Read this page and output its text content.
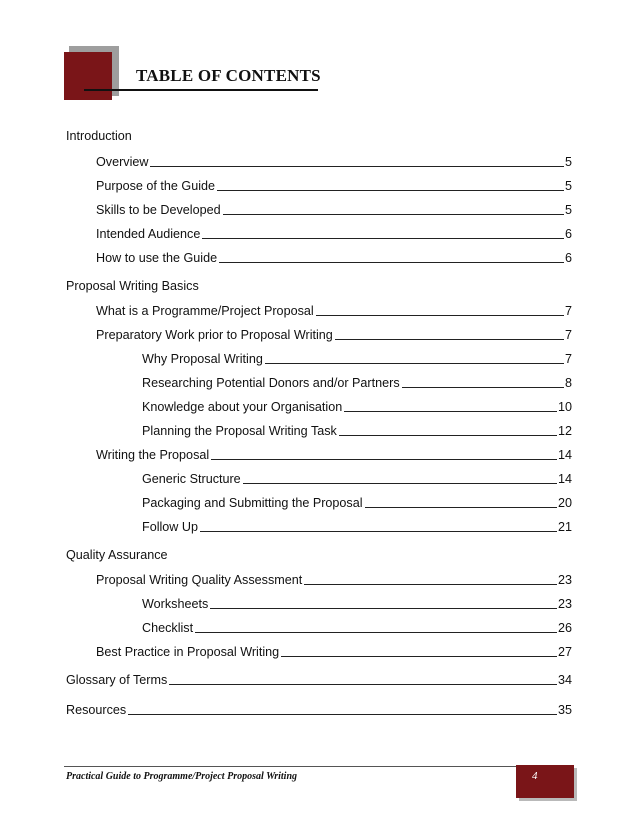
TABLE OF CONTENTS
Introduction
Overview	5
Purpose of the Guide	5
Skills to be Developed	5
Intended Audience	6
How to use the Guide	6
Proposal Writing Basics
What is a Programme/Project Proposal	7
Preparatory Work prior to Proposal Writing	7
Why Proposal Writing	7
Researching Potential Donors and/or Partners	8
Knowledge about your Organisation	10
Planning the Proposal Writing Task	12
Writing the Proposal	14
Generic Structure	14
Packaging and Submitting the Proposal	20
Follow Up	21
Quality Assurance
Proposal Writing Quality Assessment	23
Worksheets	23
Checklist	26
Best Practice in Proposal Writing	27
Glossary of Terms	34
Resources	35
Practical Guide to Programme/Project Proposal Writing	4
